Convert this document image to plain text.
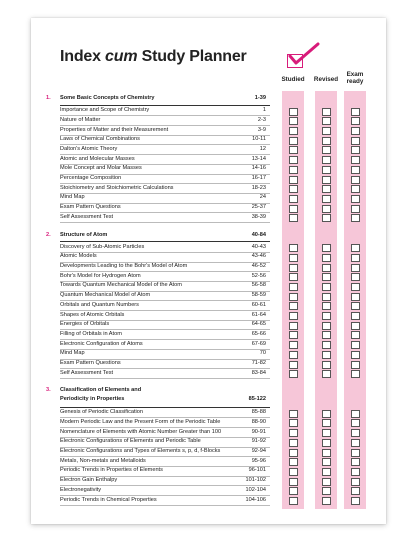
Index cum Study Planner
Studied	Revised
Exam ready
1. Some Basic Concepts of Chemistry	1-39
Importance and Scope of Chemistry	1
Nature of Matter	2-3
Properties of Matter and their Measurement	3-9
Laws of Chemical Combinations	10-11
Dalton's Atomic Theory	12
Atomic and Molecular Masses	13-14
Mole Concept and Molar Masses	14-16
Percentage Composition	16-17
Stoichiometry and Stoichiometric Calculations	18-23
Mind Map	24
Exam Pattern Questions	25-37
Self Assessment Test	38-39
2. Structure of Atom	40-84
Discovery of Sub-Atomic Particles	40-43
Atomic Models	43-46
Developments Leading to the Bohr's Model of Atom	46-52
Bohr's Model for Hydrogen Atom	52-56
Towards Quantum Mechanical Model of the Atom	56-58
Quantum Mechanical Model of Atom	58-59
Orbitals and Quantum Numbers	60-61
Shapes of Atomic Orbitals	61-64
Energies of Orbitals	64-65
Filling of Orbitals in Atom	65-66
Electronic Configuration of Atoms	67-69
Mind Map	70
Exam Pattern Questions	71-82
Self Assessment Test	83-84
3. Classification of Elements and
Periodicity in Properties	85-122
Genesis of Periodic Classification	85-88
Modern Periodic Law and the Present Form of the Periodic Table	88-90
Nomenclature of Elements with Atomic Number Greater than 100	90-91
Electronic Configurations of Elements and Periodic Table	91-92
Electronic Configurations and Types of Elements s, p, d, f-Blocks	92-94
Metals, Non-metals and Metalloids	95-96
Periodic Trends in Properties of Elements	96-101
Electron Gain Enthalpy	101-102
Electronegativity	102-104
Periodic Trends in Chemical Properties	104-106
